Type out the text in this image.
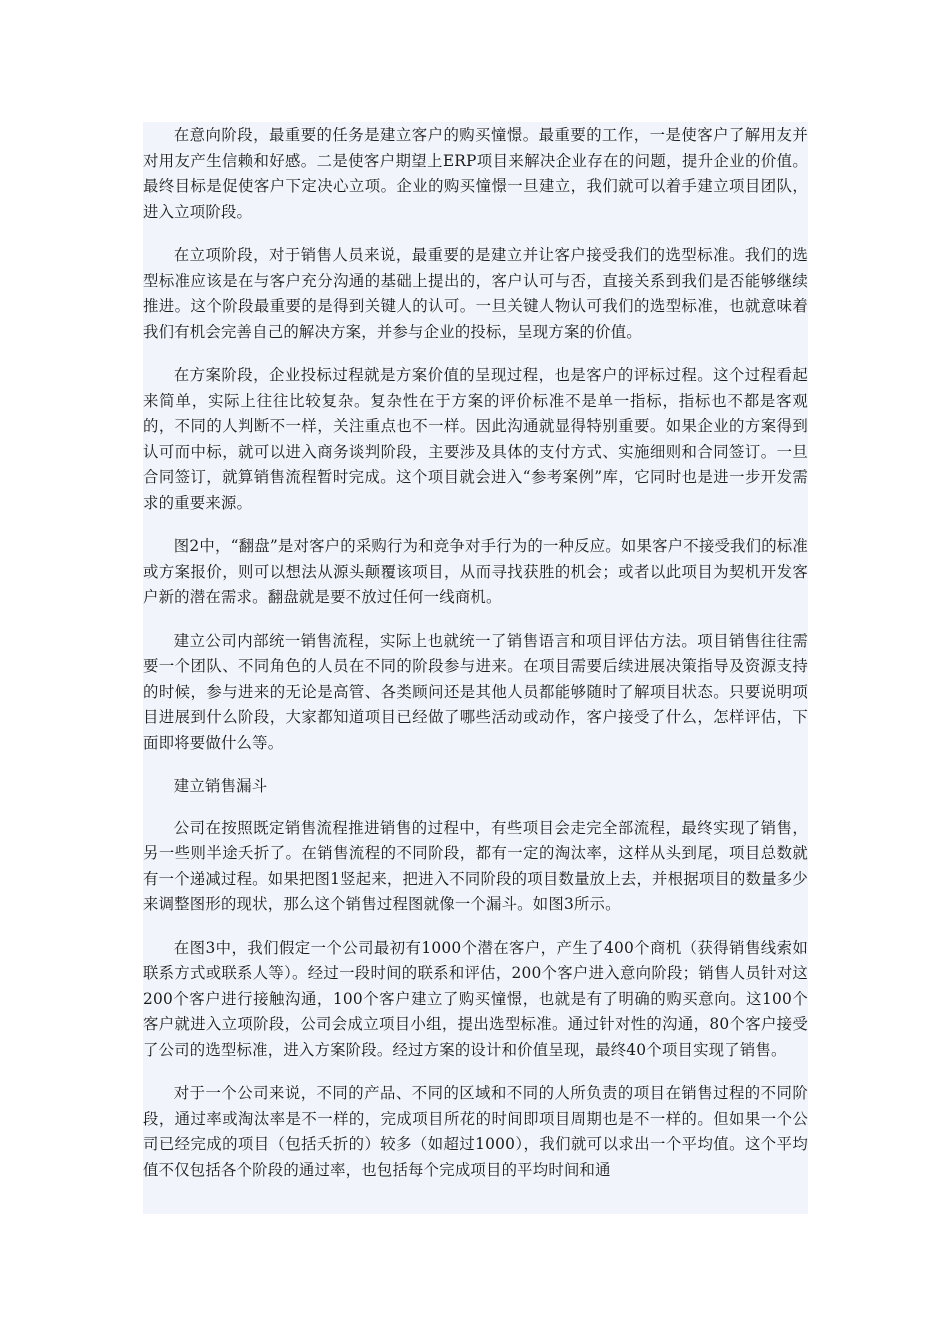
在意向阶段，最重要的任务是建立客户的购买憧憬。最重要的工作，一是使客户了解用友并对用友产生信赖和好感。二是使客户期望上ERP项目来解决企业存在的问题，提升企业的价值。最终目标是促使客户下定决心立项。企业的购买憧憬一旦建立，我们就可以着手建立项目团队，进入立项阶段。

在立项阶段，对于销售人员来说，最重要的是建立并让客户接受我们的选型标准。我们的选型标准应该是在与客户充分沟通的基础上提出的，客户认可与否，直接关系到我们是否能够继续推进。这个阶段最重要的是得到关键人的认可。一旦关键人物认可我们的选型标准，也就意味着我们有机会完善自己的解决方案，并参与企业的投标，呈现方案的价值。

在方案阶段，企业投标过程就是方案价值的呈现过程，也是客户的评标过程。这个过程看起来简单，实际上往往比较复杂。复杂性在于方案的评价标准不是单一指标，指标也不都是客观的，不同的人判断不一样，关注重点也不一样。因此沟通就显得特别重要。如果企业的方案得到认可而中标，就可以进入商务谈判阶段，主要涉及具体的支付方式、实施细则和合同签订。一旦合同签订，就算销售流程暂时完成。这个项目就会进入“参考案例”库，它同时也是进一步开发需求的重要来源。

图2中，“翻盘”是对客户的采购行为和竞争对手行为的一种反应。如果客户不接受我们的标准或方案报价，则可以想法从源头颠覆该项目，从而寻找获胜的机会；或者以此项目为契机开发客户新的潜在需求。翻盘就是要不放过任何一线商机。

建立公司内部统一销售流程，实际上也就统一了销售语言和项目评估方法。项目销售往往需要一个团队、不同角色的人员在不同的阶段参与进来。在项目需要后续进展决策指导及资源支持的时候，参与进来的无论是高管、各类顾问还是其他人员都能够随时了解项目状态。只要说明项目进展到什么阶段，大家都知道项目已经做了哪些活动或动作，客户接受了什么，怎样评估，下面即将要做什么等。

建立销售漏斗

公司在按照既定销售流程推进销售的过程中，有些项目会走完全部流程，最终实现了销售，另一些则半途夭折了。在销售流程的不同阶段，都有一定的淘汰率，这样从头到尾，项目总数就有一个递减过程。如果把图1竖起来，把进入不同阶段的项目数量放上去，并根据项目的数量多少来调整图形的现状，那么这个销售过程图就像一个漏斗。如图3所示。

在图3中，我们假定一个公司最初有1000个潜在客户，产生了400个商机（获得销售线索如联系方式或联系人等）。经过一段时间的联系和评估，200个客户进入意向阶段；销售人员针对这200个客户进行接触沟通，100个客户建立了购买憧憬，也就是有了明确的购买意向。这100个客户就进入立项阶段，公司会成立项目小组，提出选型标准。通过针对性的沟通，80个客户接受了公司的选型标准，进入方案阶段。经过方案的设计和价值呈现，最终40个项目实现了销售。

对于一个公司来说，不同的产品、不同的区域和不同的人所负责的项目在销售过程的不同阶段，通过率或淘汰率是不一样的，完成项目所花的时间即项目周期也是不一样的。但如果一个公司已经完成的项目（包括夭折的）较多（如超过1000），我们就可以求出一个平均值。这个平均值不仅包括各个阶段的通过率，也包括每个完成项目的平均时间和通
